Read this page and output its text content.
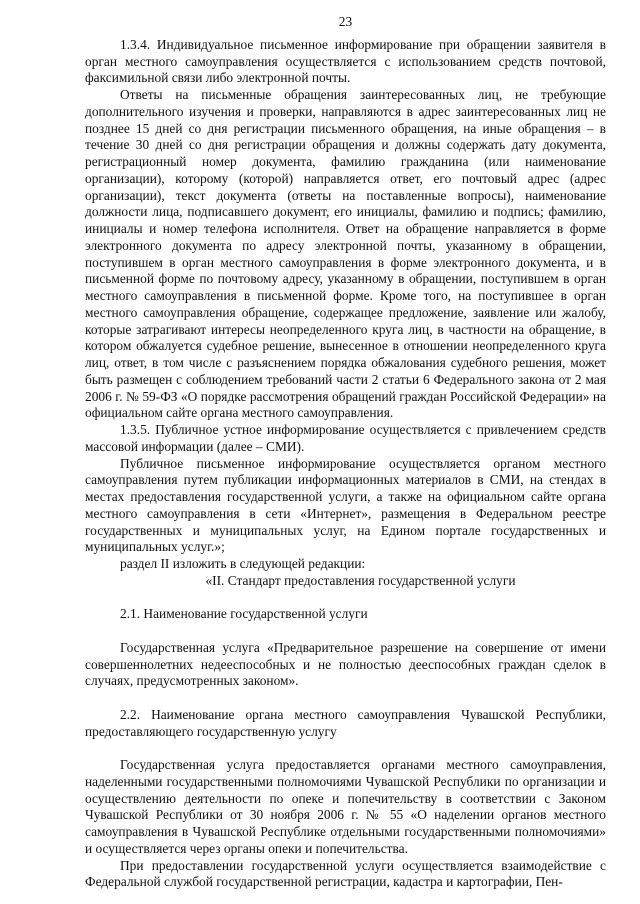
23

1.3.4. Индивидуальное письменное информирование при обращении заявителя в орган местного самоуправления осуществляется с использованием средств почтовой, факсимильной связи либо электронной почты.

Ответы на письменные обращения заинтересованных лиц, не требующие дополнительного изучения и проверки, направляются в адрес заинтересованных лиц не позднее 15 дней со дня регистрации письменного обращения, на иные обращения – в течение 30 дней со дня регистрации обращения и должны содержать дату документа, регистрационный номер документа, фамилию гражданина (или наименование организации), которому (которой) направляется ответ, его почтовый адрес (адрес организации), текст документа (ответы на поставленные вопросы), наименование должности лица, подписавшего документ, его инициалы, фамилию и подпись; фамилию, инициалы и номер телефона исполнителя. Ответ на обращение направляется в форме электронного документа по адресу электронной почты, указанному в обращении, поступившем в орган местного самоуправления в форме электронного документа, и в письменной форме по почтовому адресу, указанному в обращении, поступившем в орган местного самоуправления в письменной форме. Кроме того, на поступившее в орган местного самоуправления обращение, содержащее предложение, заявление или жалобу, которые затрагивают интересы неопределенного круга лиц, в частности на обращение, в котором обжалуется судебное решение, вынесенное в отношении неопределенного круга лиц, ответ, в том числе с разъяснением порядка обжалования судебного решения, может быть размещен с соблюдением требований части 2 статьи 6 Федерального закона от 2 мая 2006 г. № 59-ФЗ «О порядке рассмотрения обращений граждан Российской Федерации» на официальном сайте органа местного самоуправления.

1.3.5. Публичное устное информирование осуществляется с привлечением средств массовой информации (далее – СМИ).

Публичное письменное информирование осуществляется органом местного самоуправления путем публикации информационных материалов в СМИ, на стендах в местах предоставления государственной услуги, а также на официальном сайте органа местного самоуправления в сети «Интернет», размещения в Федеральном реестре государственных и муниципальных услуг, на Едином портале государственных и муниципальных услуг.»;

раздел II изложить в следующей редакции:

«II. Стандарт предоставления государственной услуги

2.1. Наименование государственной услуги

Государственная услуга «Предварительное разрешение на совершение от имени совершеннолетних недееспособных и не полностью дееспособных граждан сделок в случаях, предусмотренных законом».

2.2. Наименование органа местного самоуправления Чувашской Республики, предоставляющего государственную услугу

Государственная услуга предоставляется органами местного самоуправления, наделенными государственными полномочиями Чувашской Республики по организации и осуществлению деятельности по опеке и попечительству в соответствии с Законом Чувашской Республики от 30 ноября 2006 г. № 55 «О наделении органов местного самоуправления в Чувашской Республике отдельными государственными полномочиями» и осуществляется через органы опеки и попечительства.

При предоставлении государственной услуги осуществляется взаимодействие с Федеральной службой государственной регистрации, кадастра и картографии, Пен-
